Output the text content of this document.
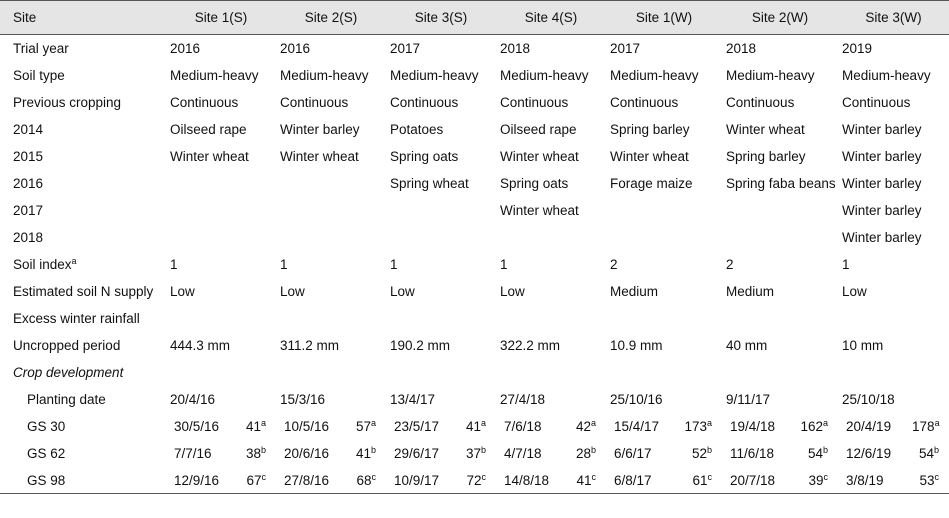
Site	Site 1(S)		Site 2(S)		Site 3(S)		Site 4(S)		Site 1(W)		Site 2(W)		Site 3(W)	
Trial year	2016		2016		2017		2018		2017		2018		2019	
Soil type	Medium-heavy		Medium-heavy		Medium-heavy		Medium-heavy		Medium-heavy		Medium-heavy		Medium-heavy	
Previous cropping	Continuous		Continuous		Continuous		Continuous		Continuous		Continuous		Continuous	
2014	Oilseed rape		Winter barley		Potatoes		Oilseed rape		Spring barley		Winter wheat		Winter barley	
2015	Winter wheat		Winter wheat		Spring oats		Winter wheat		Winter wheat		Spring barley		Winter barley	
2016					Spring wheat		Spring oats		Forage maize		Spring faba beans		Winter barley	
2017							Winter wheat						Winter barley	
2018													Winter barley	
Soil index$^a$	1		1		1		1		2		2		1	
Estimated soil N supply	Low		Low		Low		Low		Medium		Medium		Low	
Excess winter rainfall														
Uncropped period	444.3 mm		311.2 mm		190.2 mm		322.2 mm		10.9 mm		40 mm		10 mm	
Crop development														
Planting date	20/4/16		15/3/16		13/4/17		27/4/18		25/10/16		9/11/17		25/10/18	
GS 30	30/5/16	41$^a$	10/5/16	57$^a$	23/5/17	41$^a$	7/6/18	42$^a$	15/4/17	173$^a$	19/4/18	162$^a$	20/4/19	178$^a$
GS 62	7/7/16	38$^b$	20/6/16	41$^b$	29/6/17	37$^b$	4/7/18	28$^b$	6/6/17	52$^b$	11/6/18	54$^b$	12/6/19	54$^b$
GS 98	12/9/16	67$^c$	27/8/16	68$^c$	10/9/17	72$^c$	14/8/18	41$^c$	6/8/17	61$^c$	20/7/18	39$^c$	3/8/19	53$^c$
